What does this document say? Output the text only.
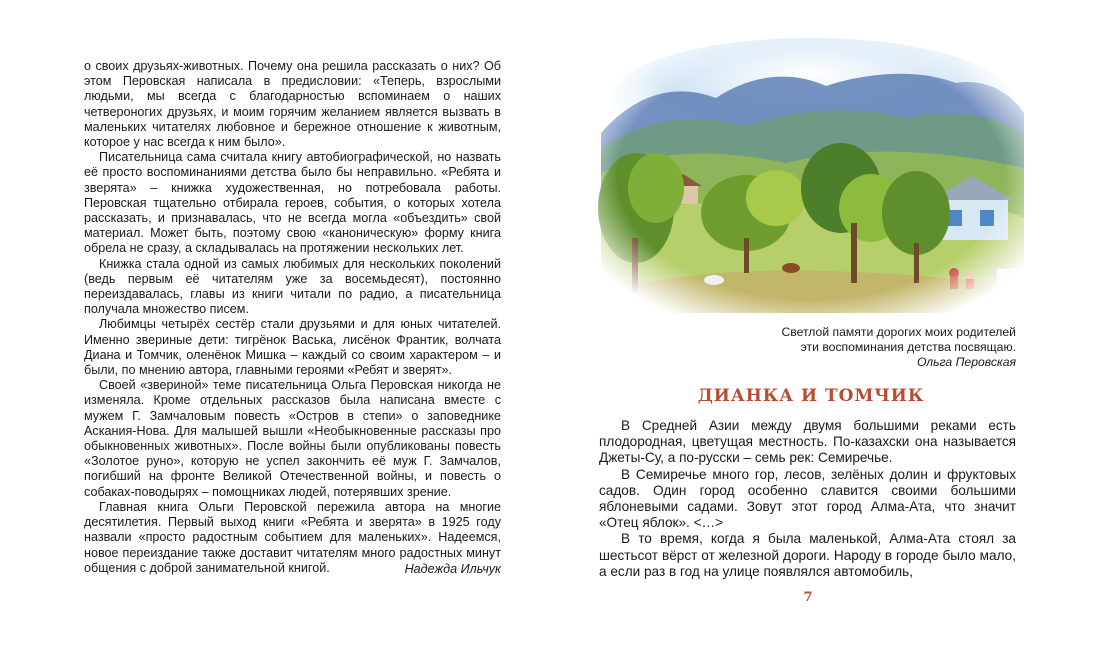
о своих друзьях-животных. Почему она решила рассказать о них? Об этом Перовская написала в предисловии: «Теперь, взрослыми людьми, мы всегда с благодарностью вспоминаем о наших четвероногих друзьях, и моим горячим желанием является вызвать в маленьких читателях любовное и бережное отношение к животным, которое у нас всегда к ним было».

Писательница сама считала книгу автобиографической, но назвать её просто воспоминаниями детства было бы неправильно. «Ребята и зверята» – книжка художественная, но потребовала работы. Перовская тщательно отбирала героев, события, о которых хотела рассказать, и признавалась, что не всегда могла «объездить» свой материал. Может быть, поэтому свою «каноническую» форму книга обрела не сразу, а складывалась на протяжении нескольких лет.

Книжка стала одной из самых любимых для нескольких поколений (ведь первым её читателям уже за восемьдесят), постоянно переиздавалась, главы из книги читали по радио, а писательница получала множество писем.

Любимцы четырёх сестёр стали друзьями и для юных читателей. Именно звериные дети: тигрёнок Васька, лисёнок Франтик, волчата Диана и Томчик, оленёнок Мишка – каждый со своим характером – и были, по мнению автора, главными героями «Ребят и зверят».

Своей «звериной» теме писательница Ольга Перовская никогда не изменяла. Кроме отдельных рассказов была написана вместе с мужем Г. Замчаловым повесть «Остров в степи» о заповеднике Аскания-Нова. Для малышей вышли «Необыкновенные рассказы про обыкновенных животных». После войны были опубликованы повесть «Золотое руно», которую не успел закончить её муж Г. Замчалов, погибший на фронте Великой Отечественной войны, и повесть о собаках-поводырях – помощниках людей, потерявших зрение.

Главная книга Ольги Перовской пережила автора на многие десятилетия. Первый выход книги «Ребята и зверята» в 1925 году назвали «просто радостным событием для маленьких». Надеемся, новое переиздание также доставит читателям много радостных минут общения с доброй занимательной книгой.	Надежда Ильчук
Светлой памяти дорогих моих родителей
эти воспоминания детства посвящаю.
Ольга Перовская
ДИАНКА И ТОМЧИК

В Средней Азии между двумя большими реками есть плодородная, цветущая местность. По-казахски она называется Джеты-Су, а по-русски – семь рек: Семиречье.

В Семиречье много гор, лесов, зелёных долин и фруктовых садов. Один город особенно славится своими большими яблоневыми садами. Зовут этот город Алма-Ата, что значит «Отец яблок». <…>

В то время, когда я была маленькой, Алма-Ата стоял за шестьсот вёрст от железной дороги. Народу в городе было мало, а если раз в год на улице появлялся автомобиль,

7
